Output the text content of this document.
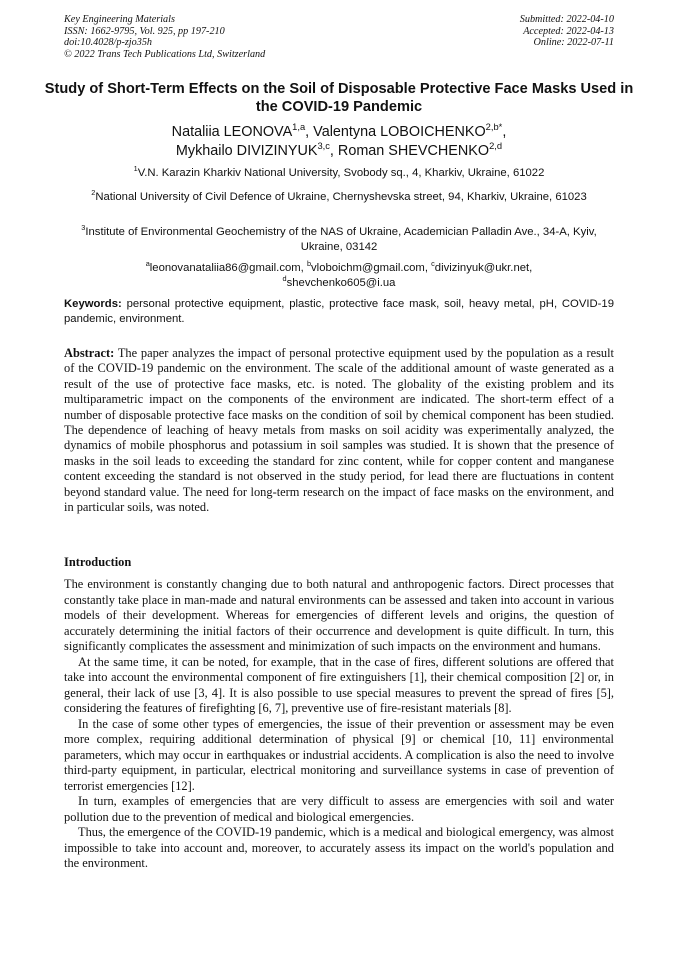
Key Engineering Materials
ISSN: 1662-9795, Vol. 925, pp 197-210
doi:10.4028/p-zjo35h
© 2022 Trans Tech Publications Ltd, Switzerland
Submitted: 2022-04-10
Accepted: 2022-04-13
Online: 2022-07-11
Study of Short-Term Effects on the Soil of Disposable Protective Face Masks Used in the COVID-19 Pandemic
Nataliia LEONOVA$^{1,a}$, Valentyna $LOBOICHENKO^{2,b*}$,
Mykhailo DIVIZINYUK$^{3,c}$, Roman SHEVCHENKO$^{2,d}$
$^1$V.N. Karazin Kharkiv National University, Svobody sq., 4, Kharkiv, Ukraine, 61022
$^2$National University of Civil Defence of Ukraine, Chernyshevska street, 94, Kharkiv, Ukraine, 61023
$^3$Institute of Environmental Geochemistry of the NAS of Ukraine, Academician Palladin Ave., 34-A, Kyiv, Ukraine, 03142
$^a$leonovanataliia86@gmail.com, $^b$vloboichm@gmail.com, $^c$divizinyuk@ukr.net,
$^d$shevchenko605@i.ua
Keywords: personal protective equipment, plastic, protective face mask, soil, heavy metal, pH, COVID-19 pandemic, environment.

Abstract: The paper analyzes the impact of personal protective equipment used by the population as a result of the COVID-19 pandemic on the environment. The scale of the additional amount of waste generated as a result of the use of protective face masks, etc. is noted. The globality of the existing problem and its multiparametric impact on the components of the environment are indicated. The short-term effect of a number of disposable protective face masks on the condition of soil by chemical component has been studied. The dependence of leaching of heavy metals from masks on soil acidity was experimentally analyzed, the dynamics of mobile phosphorus and potassium in soil samples was studied. It is shown that the presence of masks in the soil leads to exceeding the standard for zinc content, while for copper content and manganese content exceeding the standard is not observed in the study period, for lead there are fluctuations in content beyond standard value. The need for long-term research on the impact of face masks on the environment, and in particular soils, was noted.

Introduction

The environment is constantly changing due to both natural and anthropogenic factors. Direct processes that constantly take place in man-made and natural environments can be assessed and taken into account in various models of their development. Whereas for emergencies of different levels and origins, the question of accurately determining the initial factors of their occurrence and development is quite difficult. In turn, this significantly complicates the assessment and minimization of such impacts on the environment and humans.

At the same time, it can be noted, for example, that in the case of fires, different solutions are offered that take into account the environmental component of fire extinguishers [1], their chemical composition [2] or, in general, their lack of use [3, 4]. It is also possible to use special measures to prevent the spread of fires [5], considering the features of firefighting [6, 7], preventive use of fire-resistant materials [8].

In the case of some other types of emergencies, the issue of their prevention or assessment may be even more complex, requiring additional determination of physical [9] or chemical [10, 11] environmental parameters, which may occur in earthquakes or industrial accidents. A complication is also the need to involve third-party equipment, in particular, electrical monitoring and surveillance systems in case of prevention of terrorist emergencies [12].

In turn, examples of emergencies that are very difficult to assess are emergencies with soil and water pollution due to the prevention of medical and biological emergencies.

Thus, the emergence of the COVID-19 pandemic, which is a medical and biological emergency, was almost impossible to take into account and, moreover, to accurately assess its impact on the world's population and the environment.
